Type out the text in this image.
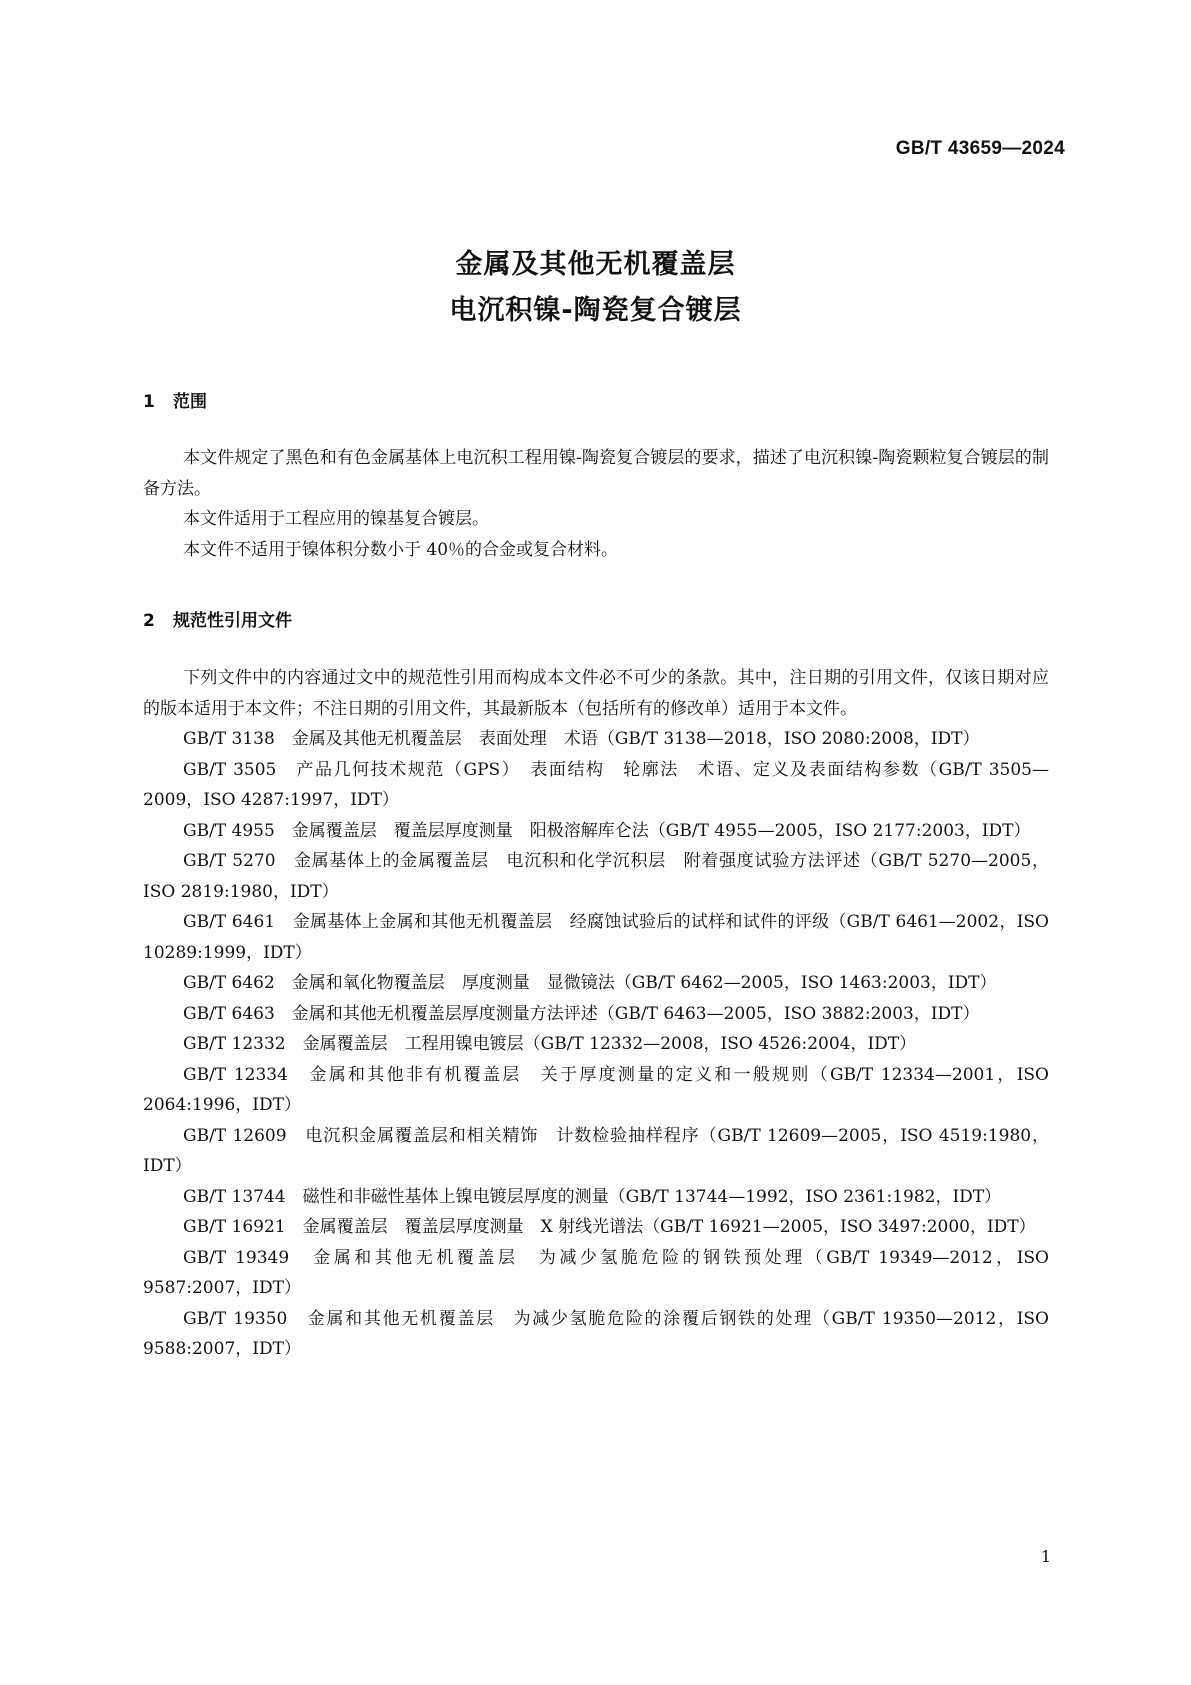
GB/T 43659—2024
金属及其他无机覆盖层
电沉积镍-陶瓷复合镀层
1 范围

本文件规定了黑色和有色金属基体上电沉积工程用镍-陶瓷复合镀层的要求，描述了电沉积镍-陶瓷颗粒复合镀层的制备方法。

本文件适用于工程应用的镍基复合镀层。

本文件不适用于镍体积分数小于 40％的合金或复合材料。

2 规范性引用文件

下列文件中的内容通过文中的规范性引用而构成本文件必不可少的条款。其中，注日期的引用文件，仅该日期对应的版本适用于本文件；不注日期的引用文件，其最新版本（包括所有的修改单）适用于本文件。

GB/T 3138　金属及其他无机覆盖层　表面处理　术语（GB/T 3138—2018，ISO 2080:2008，IDT）

GB/T 3505　产品几何技术规范（GPS）　表面结构　轮廓法　术语、定义及表面结构参数（GB/T 3505—2009，ISO 4287:1997，IDT）

GB/T 4955　金属覆盖层　覆盖层厚度测量　阳极溶解库仑法（GB/T 4955—2005，ISO 2177:2003，IDT）

GB/T 5270　金属基体上的金属覆盖层　电沉积和化学沉积层　附着强度试验方法评述（GB/T 5270—2005，ISO 2819:1980，IDT）

GB/T 6461　金属基体上金属和其他无机覆盖层　经腐蚀试验后的试样和试件的评级（GB/T 6461—2002，ISO 10289:1999，IDT）

GB/T 6462　金属和氧化物覆盖层　厚度测量　显微镜法（GB/T 6462—2005，ISO 1463:2003，IDT）

GB/T 6463　金属和其他无机覆盖层厚度测量方法评述（GB/T 6463—2005，ISO 3882:2003，IDT）

GB/T 12332　金属覆盖层　工程用镍电镀层（GB/T 12332—2008，ISO 4526:2004，IDT）

GB/T 12334　金属和其他非有机覆盖层　关于厚度测量的定义和一般规则（GB/T 12334—2001，ISO 2064:1996，IDT）

GB/T 12609　电沉积金属覆盖层和相关精饰　计数检验抽样程序（GB/T 12609—2005，ISO 4519:1980，IDT）

GB/T 13744　磁性和非磁性基体上镍电镀层厚度的测量（GB/T 13744—1992，ISO 2361:1982，IDT）

GB/T 16921　金属覆盖层　覆盖层厚度测量　X 射线光谱法（GB/T 16921—2005，ISO 3497:2000，IDT）

GB/T 19349　金属和其他无机覆盖层　为减少氢脆危险的钢铁预处理（GB/T 19349—2012，ISO 9587:2007，IDT）

GB/T 19350　金属和其他无机覆盖层　为减少氢脆危险的涂覆后钢铁的处理（GB/T 19350—2012，ISO 9588:2007，IDT）

1
